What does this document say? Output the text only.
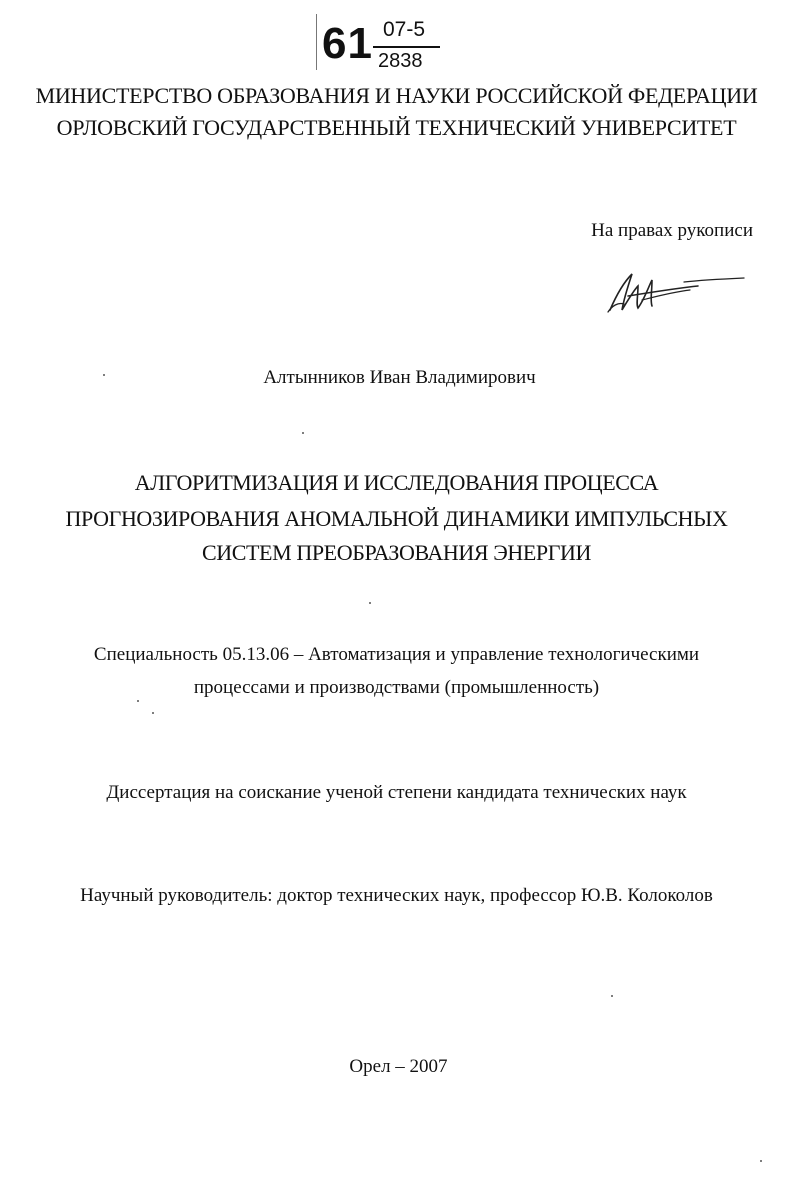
61 07-5
2838
МИНИСТЕРСТВО ОБРАЗОВАНИЯ И НАУКИ РОССИЙСКОЙ ФЕДЕРАЦИИ
ОРЛОВСКИЙ ГОСУДАРСТВЕННЫЙ ТЕХНИЧЕСКИЙ УНИВЕРСИТЕТ
На правах рукописи
Алтынников Иван Владимирович
АЛГОРИТМИЗАЦИЯ И ИССЛЕДОВАНИЯ ПРОЦЕССА
ПРОГНОЗИРОВАНИЯ АНОМАЛЬНОЙ ДИНАМИКИ ИМПУЛЬСНЫХ
СИСТЕМ ПРЕОБРАЗОВАНИЯ ЭНЕРГИИ
Специальность 05.13.06 – Автоматизация и управление технологическими
процессами и производствами (промышленность)
Диссертация на соискание ученой степени кандидата технических наук
Научный руководитель: доктор технических наук, профессор Ю.В. Колоколов
Орел – 2007
